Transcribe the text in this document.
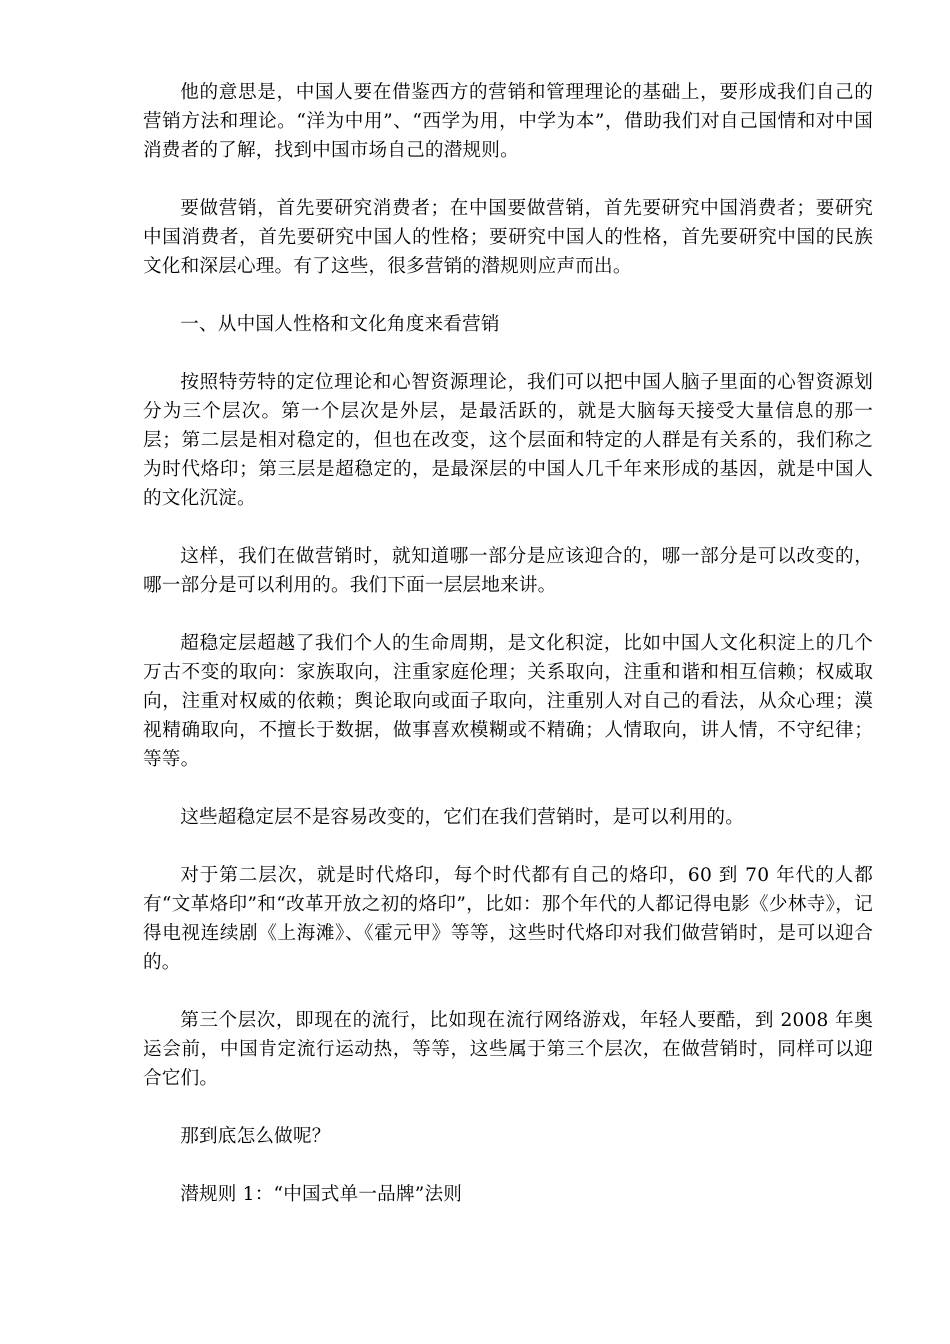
他的意思是，中国人要在借鉴西方的营销和管理理论的基础上，要形成我们自己的营销方法和理论。“洋为中用”、“西学为用，中学为本”，借助我们对自己国情和对中国消费者的了解，找到中国市场自己的潜规则。

要做营销，首先要研究消费者；在中国要做营销，首先要研究中国消费者；要研究中国消费者，首先要研究中国人的性格；要研究中国人的性格，首先要研究中国的民族文化和深层心理。有了这些，很多营销的潜规则应声而出。

一、从中国人性格和文化角度来看营销

按照特劳特的定位理论和心智资源理论，我们可以把中国人脑子里面的心智资源划分为三个层次。第一个层次是外层，是最活跃的，就是大脑每天接受大量信息的那一层；第二层是相对稳定的，但也在改变，这个层面和特定的人群是有关系的，我们称之为时代烙印；第三层是超稳定的，是最深层的中国人几千年来形成的基因，就是中国人的文化沉淀。

这样，我们在做营销时，就知道哪一部分是应该迎合的，哪一部分是可以改变的，哪一部分是可以利用的。我们下面一层层地来讲。

超稳定层超越了我们个人的生命周期，是文化积淀，比如中国人文化积淀上的几个万古不变的取向：家族取向，注重家庭伦理；关系取向，注重和谐和相互信赖；权威取向，注重对权威的依赖；舆论取向或面子取向，注重别人对自己的看法，从众心理；漠视精确取向，不擅长于数据，做事喜欢模糊或不精确；人情取向，讲人情，不守纪律；等等。

这些超稳定层不是容易改变的，它们在我们营销时，是可以利用的。

对于第二层次，就是时代烙印，每个时代都有自己的烙印，60 到 70 年代的人都有“文革烙印”和“改革开放之初的烙印”，比如：那个年代的人都记得电影《少林寺》，记得电视连续剧《上海滩》、《霍元甲》等等，这些时代烙印对我们做营销时，是可以迎合的。

第三个层次，即现在的流行，比如现在流行网络游戏，年轻人要酷，到 2008 年奥运会前，中国肯定流行运动热，等等，这些属于第三个层次，在做营销时，同样可以迎合它们。

那到底怎么做呢？

潜规则 1：“中国式单一品牌”法则
